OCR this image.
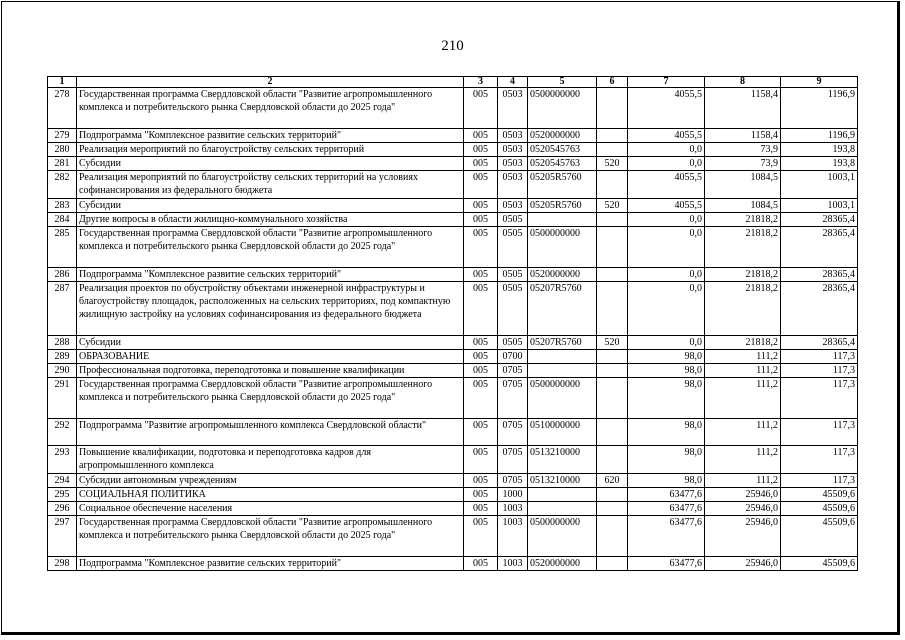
210
1	2	3	4	5	6	7	8	9
278	Государственная программа Свердловской области "Развитие агропромышленного комплекса и потребительского рынка Свердловской области до 2025 года"	005	0503	0500000000		4055,5	1158,4	1196,9
279	Подпрограмма "Комплексное развитие сельских территорий"	005	0503	0520000000		4055,5	1158,4	1196,9
280	Реализация мероприятий по благоустройству сельских территорий	005	0503	0520545763		0,0	73,9	193,8
281	Субсидии	005	0503	0520545763	520	0,0	73,9	193,8
282	Реализация мероприятий по благоустройству сельских территорий на условиях софинансирования из федерального бюджета	005	0503	05205R5760		4055,5	1084,5	1003,1
283	Субсидии	005	0503	05205R5760	520	4055,5	1084,5	1003,1
284	Другие вопросы в области жилищно-коммунального хозяйства	005	0505			0,0	21818,2	28365,4
285	Государственная программа Свердловской области "Развитие агропромышленного комплекса и потребительского рынка Свердловской области до 2025 года"	005	0505	0500000000		0,0	21818,2	28365,4
286	Подпрограмма "Комплексное развитие сельских территорий"	005	0505	0520000000		0,0	21818,2	28365,4
287	Реализация проектов по обустройству объектами инженерной инфраструктуры и благоустройству площадок, расположенных на сельских территориях, под компактную жилищную застройку на условиях софинансирования из федерального бюджета	005	0505	05207R5760		0,0	21818,2	28365,4
288	Субсидии	005	0505	05207R5760	520	0,0	21818,2	28365,4
289	ОБРАЗОВАНИЕ	005	0700			98,0	111,2	117,3
290	Профессиональная подготовка, переподготовка и повышение квалификации	005	0705			98,0	111,2	117,3
291	Государственная программа Свердловской области "Развитие агропромышленного комплекса и потребительского рынка Свердловской области до 2025 года"	005	0705	0500000000		98,0	111,2	117,3
292	Подпрограмма "Развитие агропромышленного комплекса Свердловской области"	005	0705	0510000000		98,0	111,2	117,3
293	Повышение квалификации, подготовка и переподготовка кадров для агропромышленного комплекса	005	0705	0513210000		98,0	111,2	117,3
294	Субсидии автономным учреждениям	005	0705	0513210000	620	98,0	111,2	117,3
295	СОЦИАЛЬНАЯ ПОЛИТИКА	005	1000			63477,6	25946,0	45509,6
296	Социальное обеспечение населения	005	1003			63477,6	25946,0	45509,6
297	Государственная программа Свердловской области "Развитие агропромышленного комплекса и потребительского рынка Свердловской области до 2025 года"	005	1003	0500000000		63477,6	25946,0	45509,6
298	Подпрограмма "Комплексное развитие сельских территорий"	005	1003	0520000000		63477,6	25946,0	45509,6
